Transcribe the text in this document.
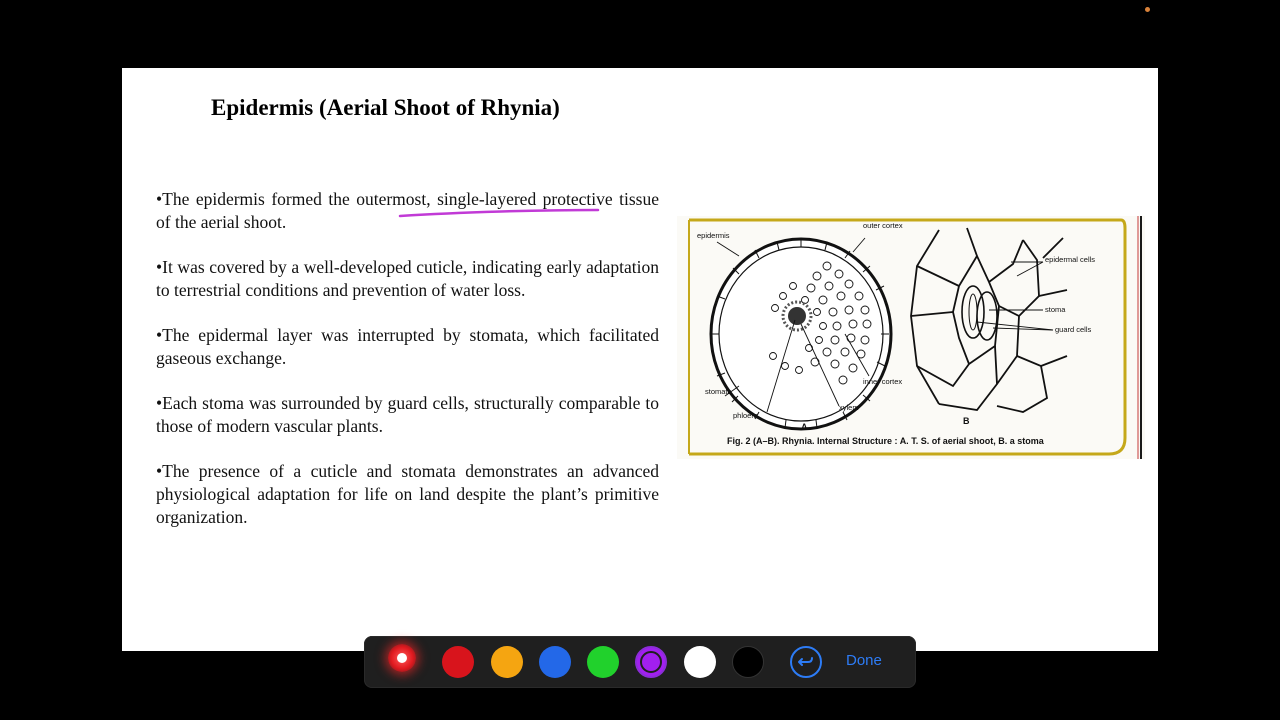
Epidermis (Aerial Shoot of Rhynia)

•The epidermis formed the outermost, single-layered protective tissue of the aerial shoot.

•It was covered by a well-developed cuticle, indicating early adaptation to terrestrial conditions and prevention of water loss.

•The epidermal layer was interrupted by stomata, which facilitated gaseous exchange.

•Each stoma was surrounded by guard cells, structurally comparable to those of modern vascular plants.

•The presence of a cuticle and stomata demonstrates an advanced physiological adaptation for life on land despite the plant’s primitive organization.

epidermis
outer cortex
stomata
phloem
xylem
inner cortex
A
epidermal cells
stoma
guard cells
B
Fig. 2 (A–B). Rhynia. Internal Structure : A. T. S. of aerial shoot, B. a stoma
Done
